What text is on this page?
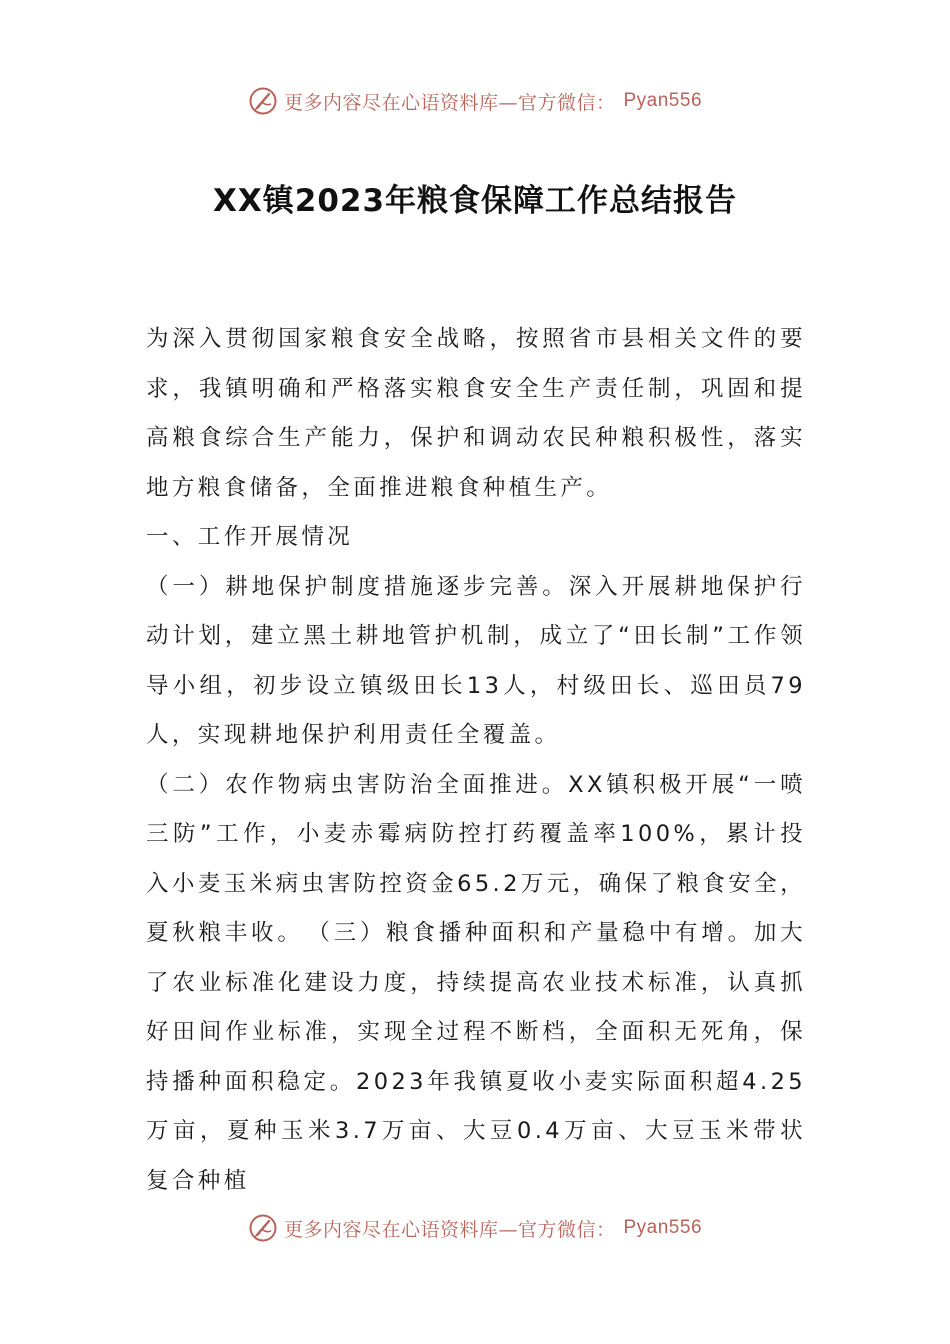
更多内容尽在心语资料库—官方微信： Pyan556
XX镇2023年粮食保障工作总结报告

为深入贯彻国家粮食安全战略，按照省市县相关文件的要求，我镇明确和严格落实粮食安全生产责任制，巩固和提高粮食综合生产能力，保护和调动农民种粮积极性，落实地方粮食储备，全面推进粮食种植生产。

一、工作开展情况

（一）耕地保护制度措施逐步完善。深入开展耕地保护行动计划，建立黑土耕地管护机制，成立了“田长制”工作领导小组，初步设立镇级田长13人，村级田长、巡田员79人，实现耕地保护利用责任全覆盖。

（二）农作物病虫害防治全面推进。XX镇积极开展“一喷三防”工作，小麦赤霉病防控打药覆盖率100%，累计投入小麦玉米病虫害防控资金65.2万元，确保了粮食安全，夏秋粮丰收。　（三）粮食播种面积和产量稳中有增。加大了农业标准化建设力度，持续提高农业技术标准，认真抓好田间作业标准，实现全过程不断档，全面积无死角，保持播种面积稳定。2023年我镇夏收小麦实际面积超4.25万亩，夏种玉米3.7万亩、大豆0.4万亩、大豆玉米带状复合种植

更多内容尽在心语资料库—官方微信： Pyan556
